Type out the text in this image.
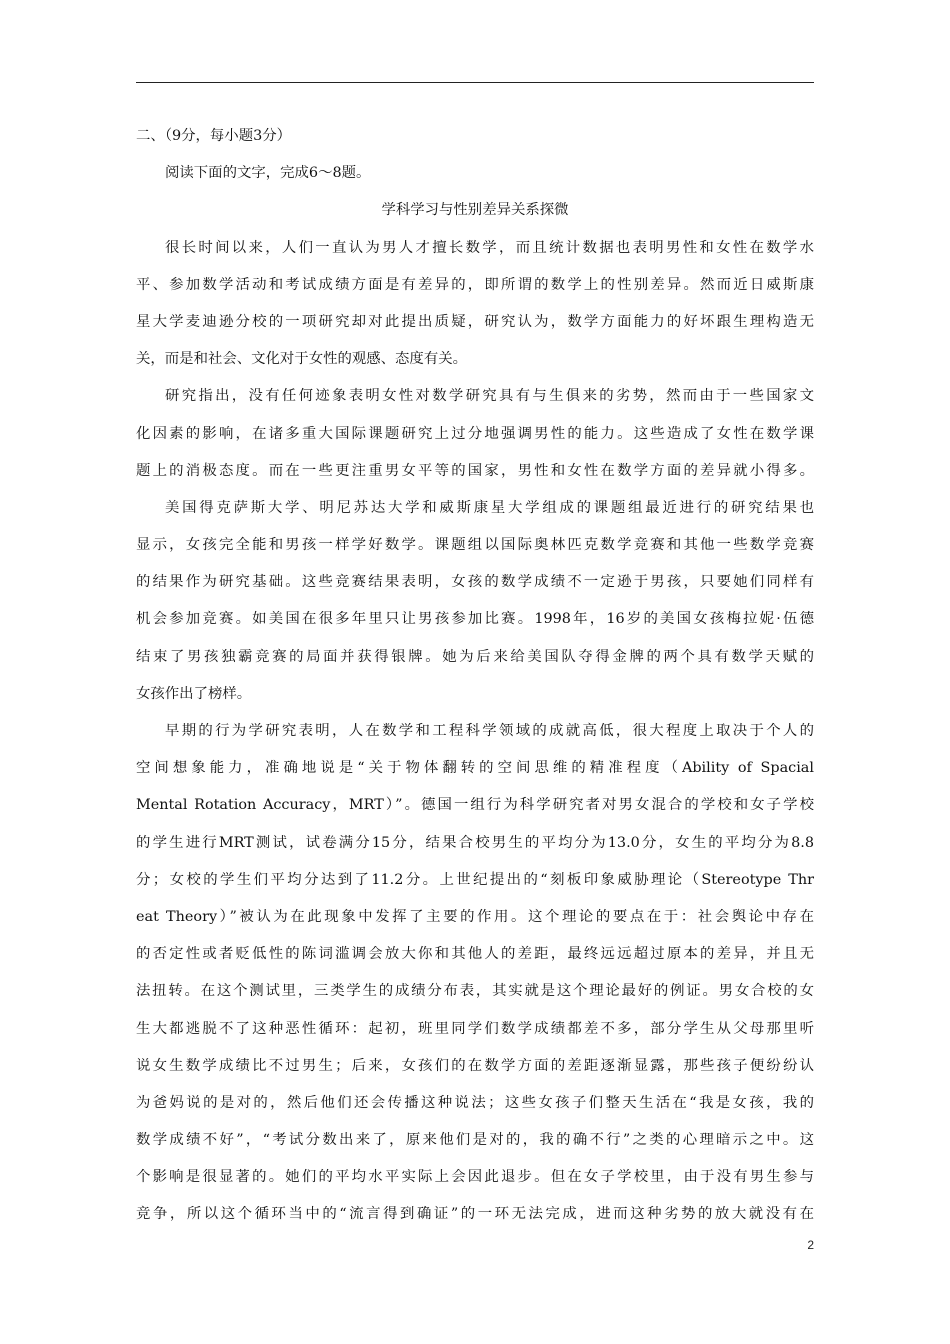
二、（9分，每小题3分）
阅读下面的文字，完成6～8题。
学科学习与性别差异关系探微
很长时间以来，人们一直认为男人才擅长数学，而且统计数据也表明男性和女性在数学水
平、参加数学活动和考试成绩方面是有差异的，即所谓的数学上的性别差异。然而近日威斯康
星大学麦迪逊分校的一项研究却对此提出质疑，研究认为，数学方面能力的好坏跟生理构造无
关，而是和社会、文化对于女性的观感、态度有关。
研究指出，没有任何迹象表明女性对数学研究具有与生俱来的劣势，然而由于一些国家文
化因素的影响，在诸多重大国际课题研究上过分地强调男性的能力。这些造成了女性在数学课
题上的消极态度。而在一些更注重男女平等的国家，男性和女性在数学方面的差异就小得多。
美国得克萨斯大学、明尼苏达大学和威斯康星大学组成的课题组最近进行的研究结果也
显示，女孩完全能和男孩一样学好数学。课题组以国际奥林匹克数学竞赛和其他一些数学竞赛
的结果作为研究基础。这些竞赛结果表明，女孩的数学成绩不一定逊于男孩，只要她们同样有
机会参加竞赛。如美国在很多年里只让男孩参加比赛。1998年，16岁的美国女孩梅拉妮·伍德
结束了男孩独霸竞赛的局面并获得银牌。她为后来给美国队夺得金牌的两个具有数学天赋的
女孩作出了榜样。
早期的行为学研究表明，人在数学和工程科学领域的成就高低，很大程度上取决于个人的
空间想象能力，准确地说是“关于物体翻转的空间思维的精准程度（Ability of Spacial
Mental Rotation Accuracy，MRT）”。德国一组行为科学研究者对男女混合的学校和女子学校
的学生进行MRT测试，试卷满分15分，结果合校男生的平均分为13.0分，女生的平均分为8.8
分；女校的学生们平均分达到了11.2分。上世纪提出的“刻板印象威胁理论（Stereotype Thr
eat Theory）”被认为在此现象中发挥了主要的作用。这个理论的要点在于：社会舆论中存在
的否定性或者贬低性的陈词滥调会放大你和其他人的差距，最终远远超过原本的差异，并且无
法扭转。在这个测试里，三类学生的成绩分布表，其实就是这个理论最好的例证。男女合校的女
生大都逃脱不了这种恶性循环：起初，班里同学们数学成绩都差不多，部分学生从父母那里听
说女生数学成绩比不过男生；后来，女孩们的在数学方面的差距逐渐显露，那些孩子便纷纷认
为爸妈说的是对的，然后他们还会传播这种说法；这些女孩子们整天生活在“我是女孩，我的
数学成绩不好”，“考试分数出来了，原来他们是对的，我的确不行”之类的心理暗示之中。这
个影响是很显著的。她们的平均水平实际上会因此退步。但在女子学校里，由于没有男生参与
竞争，所以这个循环当中的“流言得到确证”的一环无法完成，进而这种劣势的放大就没有在
2
